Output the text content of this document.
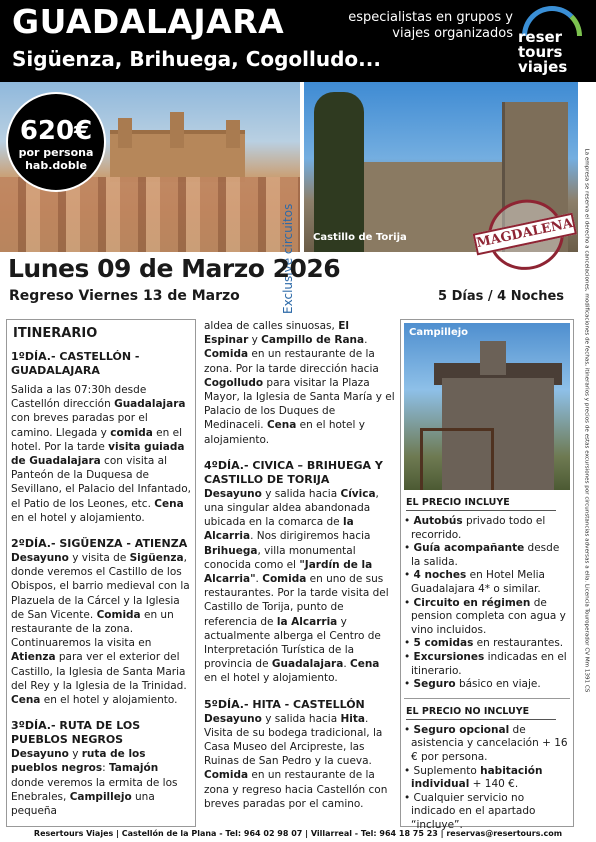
GUADALAJARA
Sigüenza, Brihuega, Cogolludo...
especialistas en grupos y viajes organizados reser tours viajes
Exclusive circuitos
Guadalajara
620€
por persona
hab.doble
Castillo de Torija	MAGDALENA	La empresa se reserva el derecho a cancelaciones, modificaciones de fechas, itinerarios y precios de estas excursiones por circunstancias adversas a ella. Licencia Touroperador CV Mm 1391 CS
Lunes 09 de Marzo 2026
Regreso Viernes 13 de Marzo	5 Días / 4 Noches
ITINERARIO
1ºDÍA.- CASTELLÓN - GUADALAJARA
Salida a las 07:30h desde Castellón dirección Guadalajara con breves paradas por el camino. Llegada y comida en el hotel. Por la tarde visita guiada de Guadalajara con visita al Panteón de la Duquesa de Sevillano, el Palacio del Infantado, el Patio de los Leones, etc. Cena en el hotel y alojamiento.
2ºDÍA.- SIGÜENZA - ATIENZA
Desayuno y visita de Sigüenza, donde veremos el Castillo de los Obispos, el barrio medieval con la Plazuela de la Cárcel y la Iglesia de San Vicente. Comida en un restaurante de la zona. Continuaremos la visita en Atienza para ver el exterior del Castillo, la Iglesia de Santa Maria del Rey y la Iglesia de la Trinidad. Cena en el hotel y alojamiento.
3ºDÍA.- RUTA DE LOS PUEBLOS NEGROS
Desayuno y ruta de los pueblos negros: Tamajón donde veremos la ermita de los Enebrales, Campillejo una pequeña
aldea de calles sinuosas, El Espinar y Campillo de Rana. Comida en un restaurante de la zona. Por la tarde dirección hacia Cogolludo para visitar la Plaza Mayor, la Iglesia de Santa María y el Palacio de los Duques de Medinaceli. Cena en el hotel y alojamiento.
4ºDÍA.- CIVICA – BRIHUEGA Y CASTILLO DE TORIJA
Desayuno y salida hacia Cívica, una singular aldea abandonada ubicada en la comarca de la Alcarria. Nos dirigiremos hacia Brihuega, villa monumental conocida como el "Jardín de la Alcarria". Comida en uno de sus restaurantes. Por la tarde visita del Castillo de Torija, punto de referencia de la Alcarria y actualmente alberga el Centro de Interpretación Turística de la provincia de Guadalajara. Cena en el hotel y alojamiento.
5ºDÍA.- HITA - CASTELLÓN
Desayuno y salida hacia Hita. Visita de su bodega tradicional, la Casa Museo del Arcipreste, las Ruinas de San Pedro y la cueva. Comida en un restaurante de la zona y regreso hacia Castellón con breves paradas por el camino.
Campillejo
EL PRECIO INCLUYE
• Autobús privado todo el recorrido.
• Guía acompañante desde la salida.
• 4 noches en Hotel Melia Guadalajara 4* o similar.
• Circuito en régimen de pension completa con agua y vino incluidos.
• 5 comidas en restaurantes.
• Excursiones indicadas en el itinerario.
• Seguro básico en viaje.
EL PRECIO NO INCLUYE
• Seguro opcional de asistencia y cancelación + 16 € por persona.
• Suplemento habitación individual + 140 €.
• Cualquier servicio no indicado en el apartado “incluye”.
Resertours Viajes | Castellón de la Plana - Tel: 964 02 98 07 | Villarreal - Tel: 964 18 75 23 | reservas@resertours.com
